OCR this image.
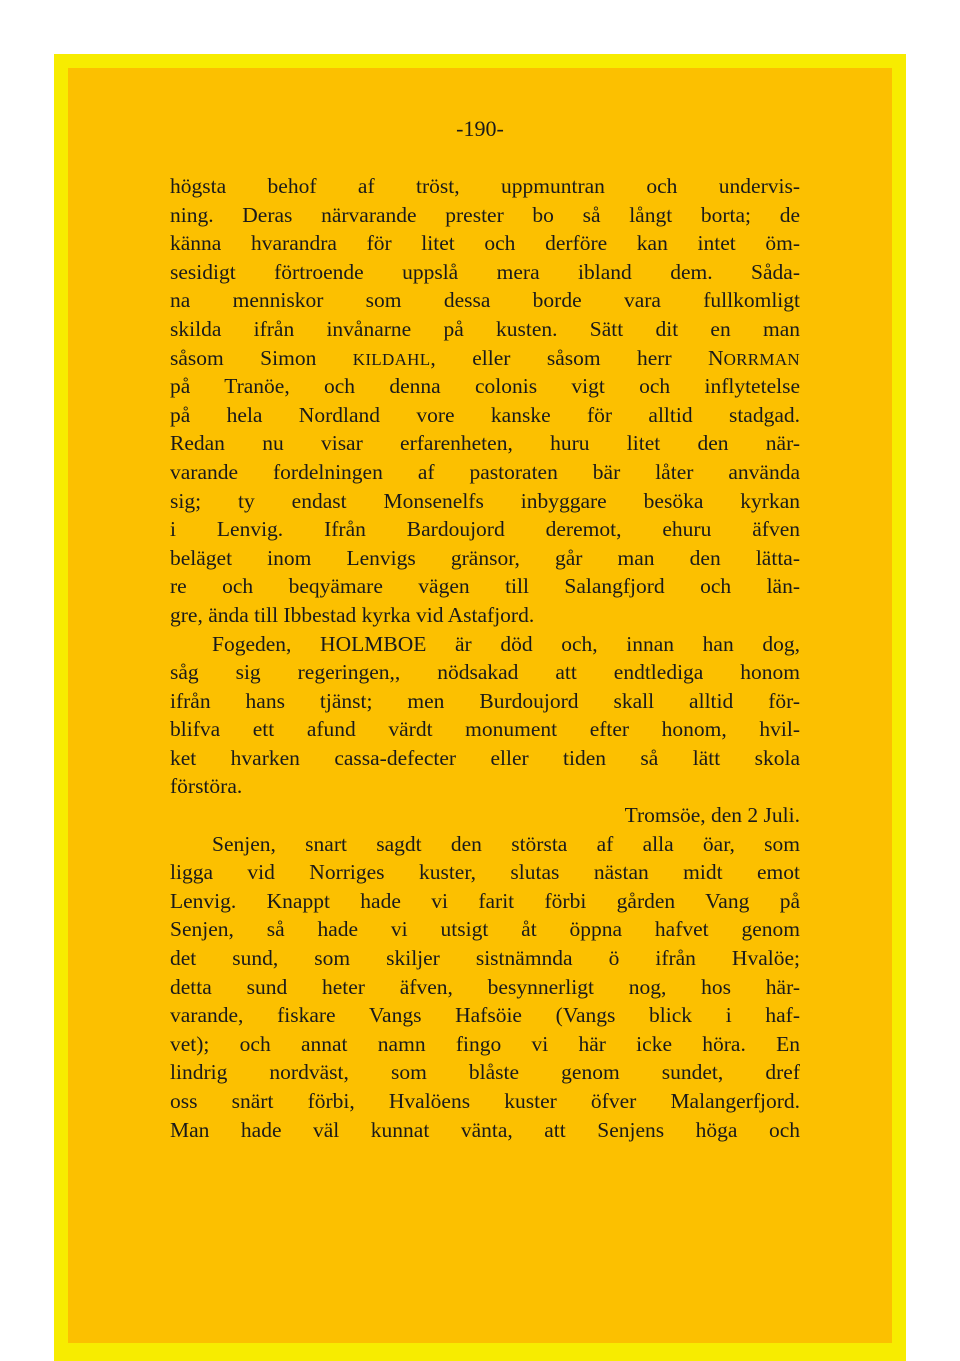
-190-
högsta behof af tröst, uppmuntran och undervis-
ning. Deras närvarande prester bo så långt borta; de
känna hvarandra för litet och derföre kan intet öm-
sesidigt förtroende uppslå mera ibland dem. Såda-
na menniskor som dessa borde vara fullkomligt
skilda ifrån invånarne på kusten. Sätt dit en man
såsom Simon KILDAHL, eller såsom herr NORRMAN
på Tranöe, och denna colonis vigt och inflytetelse
på hela Nordland vore kanske för alltid stadgad.
Redan nu visar erfarenheten, huru litet den när-
varande fordelningen af pastoraten bär låter använda
sig; ty endast Monsenelfs inbyggare besöka kyrkan
i Lenvig. Ifrån Bardoujord deremot, ehuru äfven
beläget inom Lenvigs gränsor, går man den lätta-
re och beqyämare vägen till Salangfjord och län-
gre, ända till Ibbestad kyrka vid Astafjord.
Fogeden, HOLMBOE är död och, innan han dog,
såg sig regeringen,, nödsakad att endtlediga honom
ifrån hans tjänst; men Burdoujord skall alltid för-
blifva ett afund värdt monument efter honom, hvil-
ket hvarken cassa-defecter eller tiden så lätt skola
förstöra.
Tromsöe, den 2 Juli.
Senjen, snart sagdt den största af alla öar, som
ligga vid Norriges kuster, slutas nästan midt emot
Lenvig. Knappt hade vi farit förbi gården Vang på
Senjen, så hade vi utsigt åt öppna hafvet genom
det sund, som skiljer sistnämnda ö ifrån Hvalöe;
detta sund heter äfven, besynnerligt nog, hos här-
varande, fiskare Vangs Hafsöie (Vangs blick i haf-
vet); och annat namn fingo vi här icke höra. En
lindrig nordväst, som blåste genom sundet, dref
oss snärt förbi, Hvalöens kuster öfver Malangerfjord.
Man hade väl kunnat vänta, att Senjens höga och
